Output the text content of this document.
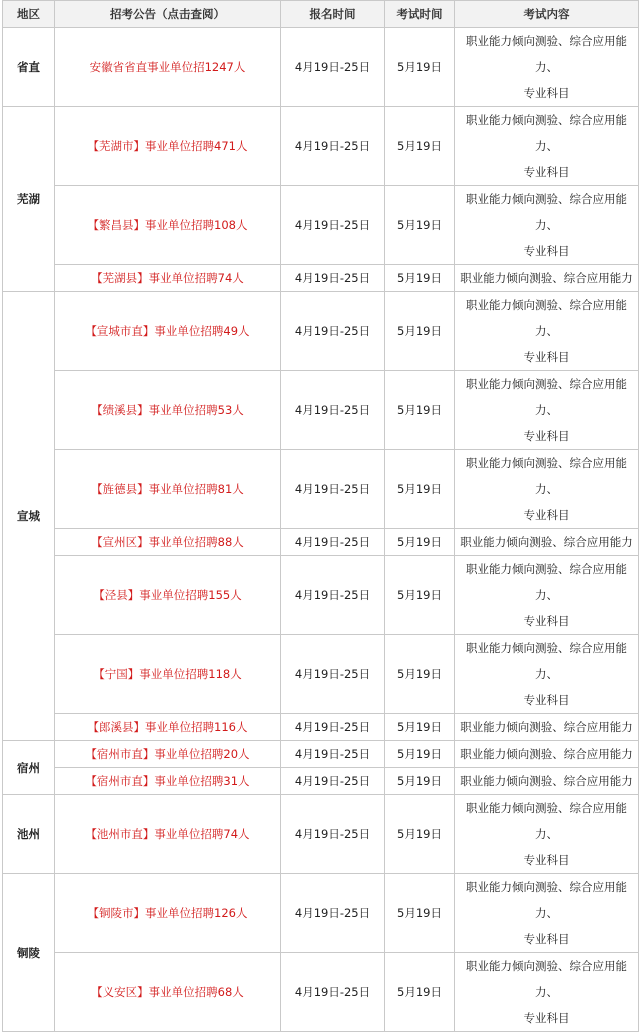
地区	招考公告（点击查阅）	报名时间	考试时间	考试内容
省直	安徽省省直事业单位招1247人	4月19日-25日	5月19日	职业能力倾向测验、综合应用能力、
专业科目

芜湖	【芜湖市】事业单位招聘471人	4月19日-25日	5月19日	职业能力倾向测验、综合应用能力、
专业科目

	【繁昌县】事业单位招聘108人	4月19日-25日	5月19日	职业能力倾向测验、综合应用能力、
专业科目

	【芜湖县】事业单位招聘74人	4月19日-25日	5月19日	职业能力倾向测验、综合应用能力

宣城	【宣城市直】事业单位招聘49人	4月19日-25日	5月19日	职业能力倾向测验、综合应用能力、
专业科目

	【绩溪县】事业单位招聘53人	4月19日-25日	5月19日	职业能力倾向测验、综合应用能力、
专业科目

	【旌德县】事业单位招聘81人	4月19日-25日	5月19日	职业能力倾向测验、综合应用能力、
专业科目

	【宣州区】事业单位招聘88人	4月19日-25日	5月19日	职业能力倾向测验、综合应用能力

	【泾县】事业单位招聘155人	4月19日-25日	5月19日	职业能力倾向测验、综合应用能力、
专业科目

	【宁国】事业单位招聘118人	4月19日-25日	5月19日	职业能力倾向测验、综合应用能力、
专业科目

	【郎溪县】事业单位招聘116人	4月19日-25日	5月19日	职业能力倾向测验、综合应用能力

宿州	【宿州市直】事业单位招聘20人	4月19日-25日	5月19日	职业能力倾向测验、综合应用能力

	【宿州市直】事业单位招聘31人	4月19日-25日	5月19日	职业能力倾向测验、综合应用能力

池州	【池州市直】事业单位招聘74人	4月19日-25日	5月19日	职业能力倾向测验、综合应用能力、
专业科目

铜陵	【铜陵市】事业单位招聘126人	4月19日-25日	5月19日	职业能力倾向测验、综合应用能力、
专业科目

	【义安区】事业单位招聘68人	4月19日-25日	5月19日	职业能力倾向测验、综合应用能力、
专业科目
